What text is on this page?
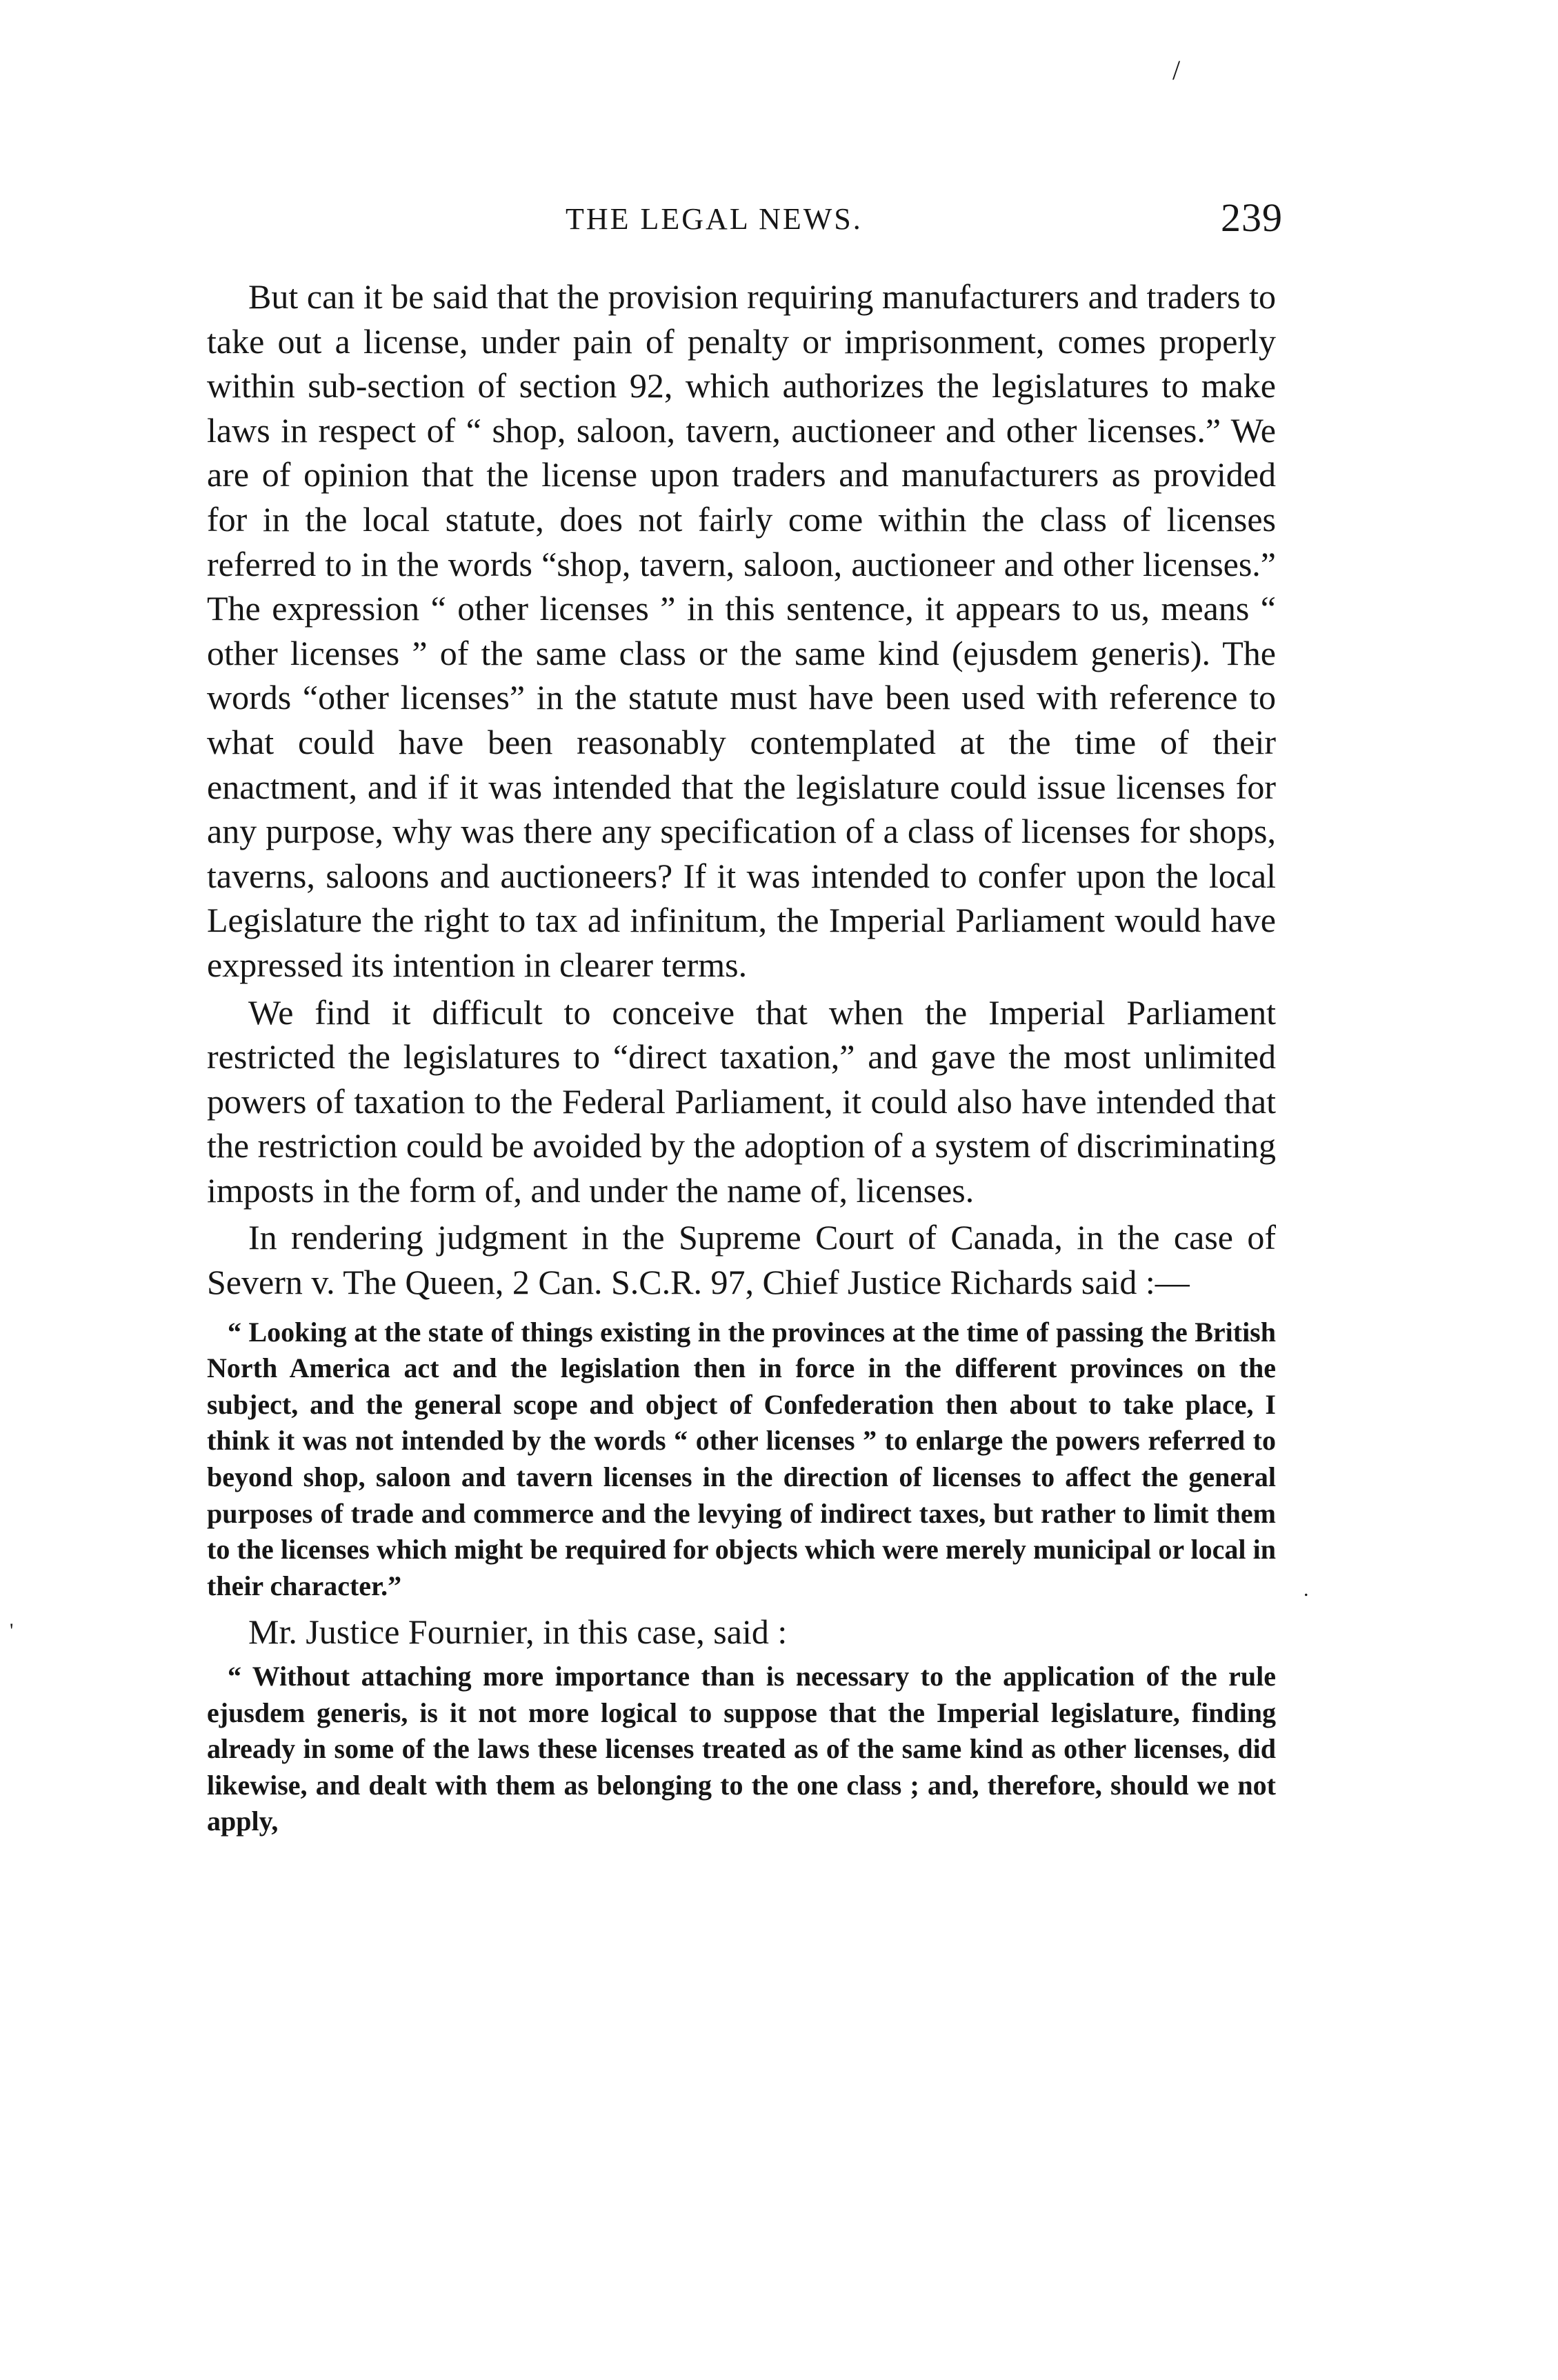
/
'
.
THE LEGAL NEWS.	239

But can it be said that the provision requiring manufacturers and traders to take out a license, under pain of penalty or imprisonment, comes properly within sub-section of section 92, which authorizes the legislatures to make laws in respect of “ shop, saloon, tavern, auctioneer and other licenses.” We are of opinion that the license upon traders and manufacturers as provided for in the local statute, does not fairly come within the class of licenses referred to in the words “shop, tavern, saloon, auctioneer and other licenses.” The expression “ other licenses ” in this sentence, it appears to us, means “ other licenses ” of the same class or the same kind (ejusdem generis). The words “other licenses” in the statute must have been used with reference to what could have been reasonably contemplated at the time of their enactment, and if it was intended that the legislature could issue licenses for any purpose, why was there any specification of a class of licenses for shops, taverns, saloons and auctioneers? If it was intended to confer upon the local Legislature the right to tax ad infinitum, the Imperial Parliament would have expressed its intention in clearer terms.

We find it difficult to conceive that when the Imperial Parliament restricted the legislatures to “direct taxation,” and gave the most unlimited powers of taxation to the Federal Parliament, it could also have intended that the restriction could be avoided by the adoption of a system of discriminating imposts in the form of, and under the name of, licenses.

In rendering judgment in the Supreme Court of Canada, in the case of Severn v. The Queen, 2 Can. S.C.R. 97, Chief Justice Richards said :—

“ Looking at the state of things existing in the provinces at the time of passing the British North America act and the legislation then in force in the different provinces on the subject, and the general scope and object of Confederation then about to take place, I think it was not intended by the words “ other licenses ” to enlarge the powers referred to beyond shop, saloon and tavern licenses in the direction of licenses to affect the general purposes of trade and commerce and the levying of indirect taxes, but rather to limit them to the licenses which might be required for objects which were merely municipal or local in their character.”

Mr. Justice Fournier, in this case, said :

“ Without attaching more importance than is necessary to the application of the rule ejusdem generis, is it not more logical to suppose that the Imperial legislature, finding already in some of the laws these licenses treated as of the same kind as other licenses, did likewise, and dealt with them as belonging to the one class ; and, therefore, should we not apply,
